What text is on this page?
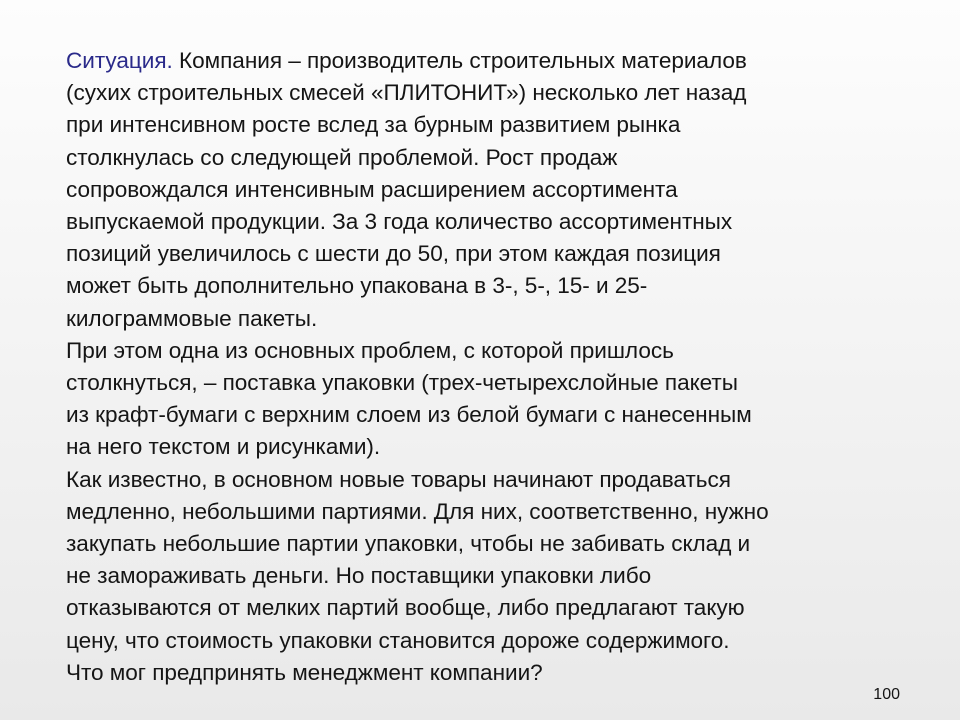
Ситуация. Компания – производитель строительных материалов
(сухих строительных смесей «ПЛИТОНИТ») несколько лет назад
при интенсивном росте вслед за бурным развитием рынка
столкнулась со следующей проблемой. Рост продаж
сопровождался интенсивным расширением ассортимента
выпускаемой продукции. За 3 года количество ассортиментных
позиций увеличилось с шести до 50, при этом каждая позиция
может быть дополнительно упакована в 3-, 5-, 15- и 25-
килограммовые пакеты.

При этом одна из основных проблем, с которой пришлось
столкнуться, – поставка упаковки (трех-четырехслойные пакеты
из крафт-бумаги с верхним слоем из белой бумаги с нанесенным
на него текстом и рисунками).

Как известно, в основном новые товары начинают продаваться
медленно, небольшими партиями. Для них, соответственно, нужно
закупать небольшие партии упаковки, чтобы не забивать склад и
не замораживать деньги. Но поставщики упаковки либо
отказываются от мелких партий вообще, либо предлагают такую
цену, что стоимость упаковки становится дороже содержимого.
Что мог предпринять менеджмент компании?

100
